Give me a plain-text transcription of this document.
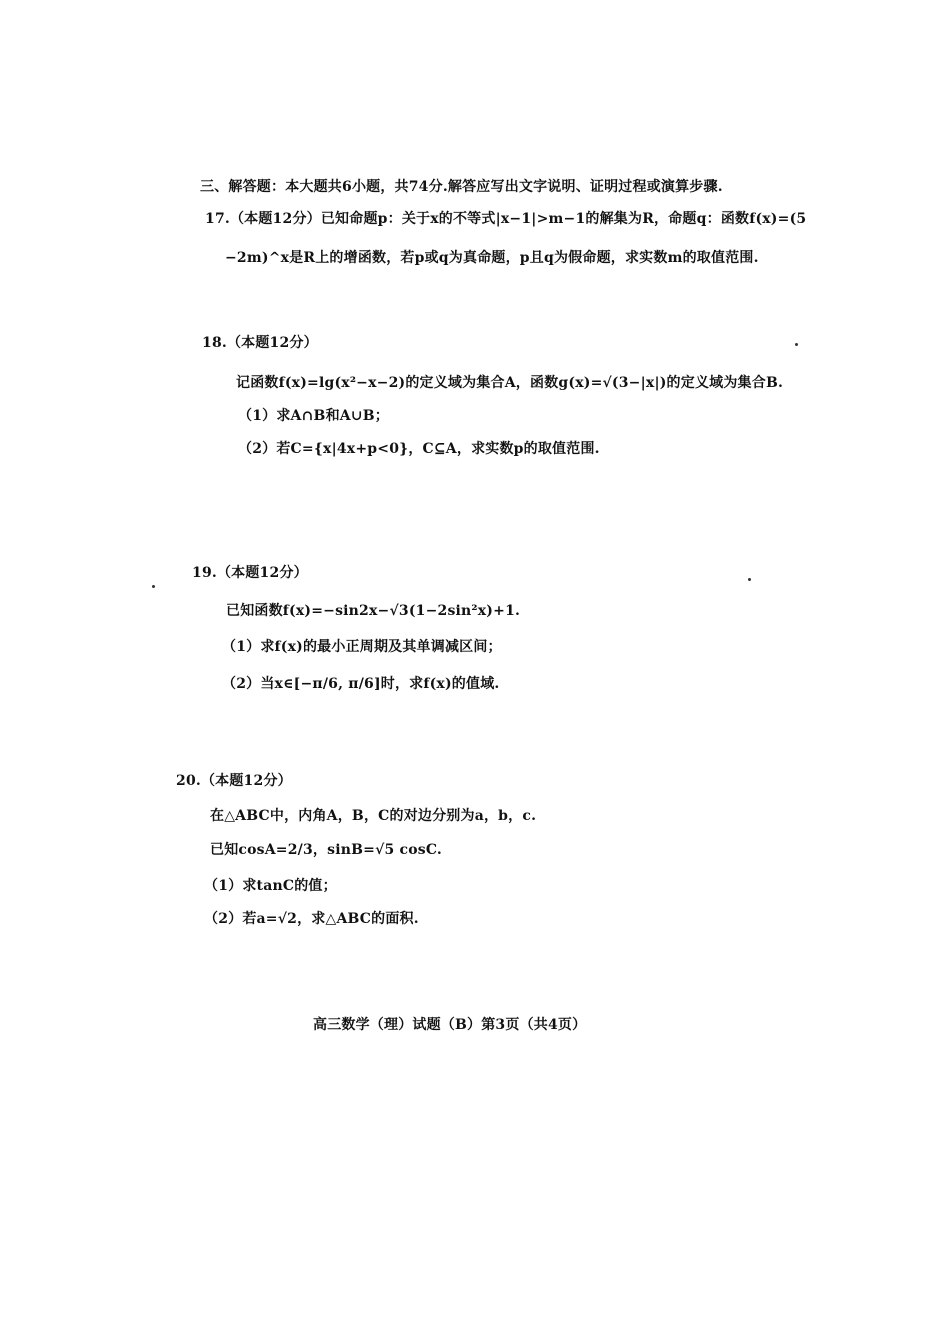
三、解答题：本大题共6小题，共74分.解答应写出文字说明、证明过程或演算步骤.
17.（本题12分）已知命题p：关于x的不等式|x−1|>m−1的解集为R，命题q：函数f(x)=(5
−2m)^x是R上的增函数，若p或q为真命题，p且q为假命题，求实数m的取值范围.
18.（本题12分）
记函数f(x)=lg(x²−x−2)的定义域为集合A，函数g(x)=√(3−|x|)的定义域为集合B.
（1）求A∩B和A∪B；
（2）若C={x|4x+p<0}，C⊆A，求实数p的取值范围.
19.（本题12分）
已知函数f(x)=−sin2x−√3(1−2sin²x)+1.
（1）求f(x)的最小正周期及其单调减区间；
（2）当x∈[−π/6, π/6]时，求f(x)的值域.
20.（本题12分）
在△ABC中，内角A，B，C的对边分别为a，b，c.
已知cosA=2/3，sinB=√5 cosC.
（1）求tanC的值；
（2）若a=√2，求△ABC的面积.
高三数学（理）试题（B）第3页（共4页）
